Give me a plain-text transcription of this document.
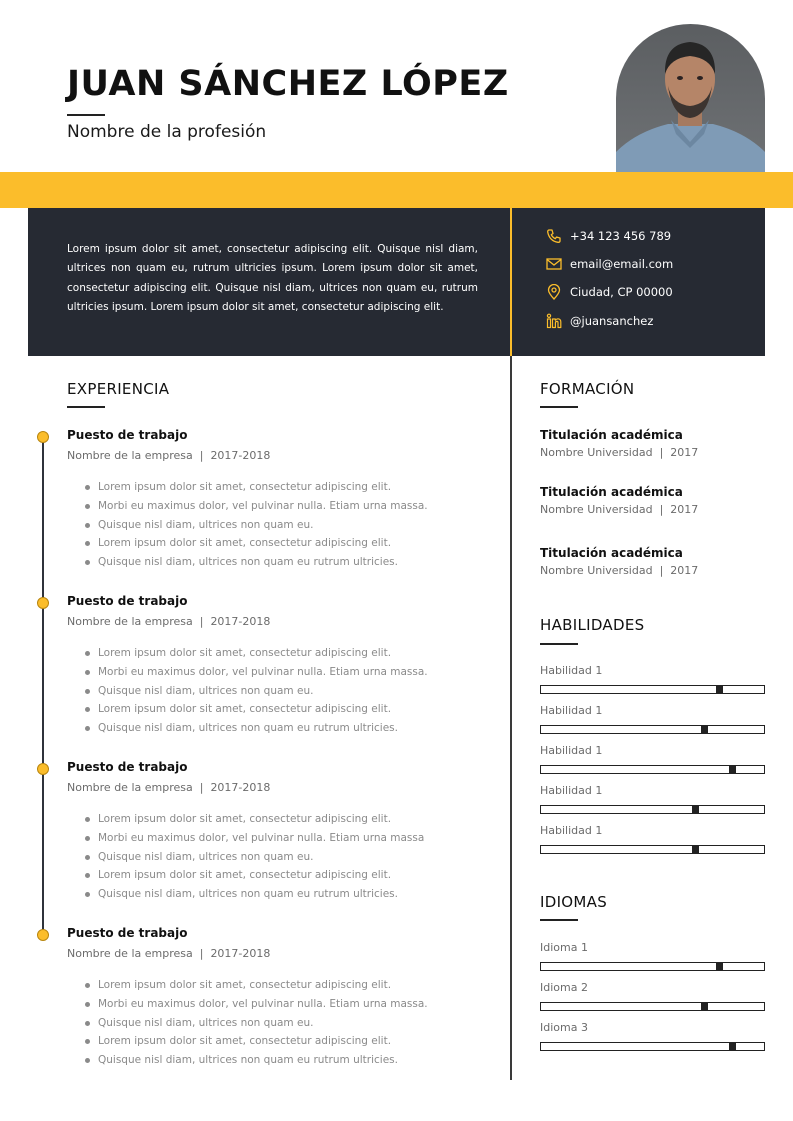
JUAN SÁNCHEZ LÓPEZ
Nombre de la profesión
Lorem ipsum dolor sit amet, consectetur adipiscing elit. Quisque nisl diam, ultrices non quam eu, rutrum ultricies ipsum. Lorem ipsum dolor sit amet, consectetur adipiscing elit. Quisque nisl diam, ultrices non quam eu, rutrum ultricies ipsum. Lorem ipsum dolor sit amet, consectetur adipiscing elit.
+34 123 456 789
email@email.com
Ciudad, CP 00000
@juansanchez
EXPERIENCIA
Puesto de trabajo
Nombre de la empresa  |  2017-2018
Lorem ipsum dolor sit amet, consectetur adipiscing elit.
Morbi eu maximus dolor, vel pulvinar nulla. Etiam urna massa.
Quisque nisl diam, ultrices non quam eu.
Lorem ipsum dolor sit amet, consectetur adipiscing elit.
Quisque nisl diam, ultrices non quam eu rutrum ultricies.
Puesto de trabajo
Nombre de la empresa  |  2017-2018
Lorem ipsum dolor sit amet, consectetur adipiscing elit.
Morbi eu maximus dolor, vel pulvinar nulla. Etiam urna massa.
Quisque nisl diam, ultrices non quam eu.
Lorem ipsum dolor sit amet, consectetur adipiscing elit.
Quisque nisl diam, ultrices non quam eu rutrum ultricies.
Puesto de trabajo
Nombre de la empresa  |  2017-2018
Lorem ipsum dolor sit amet, consectetur adipiscing elit.
Morbi eu maximus dolor, vel pulvinar nulla. Etiam urna massa
Quisque nisl diam, ultrices non quam eu.
Lorem ipsum dolor sit amet, consectetur adipiscing elit.
Quisque nisl diam, ultrices non quam eu rutrum ultricies.
Puesto de trabajo
Nombre de la empresa  |  2017-2018
Lorem ipsum dolor sit amet, consectetur adipiscing elit.
Morbi eu maximus dolor, vel pulvinar nulla. Etiam urna massa.
Quisque nisl diam, ultrices non quam eu.
Lorem ipsum dolor sit amet, consectetur adipiscing elit.
Quisque nisl diam, ultrices non quam eu rutrum ultricies.
FORMACIÓN
Titulación académica
Nombre Universidad  |  2017
Titulación académica
Nombre Universidad  |  2017
Titulación académica
Nombre Universidad  |  2017
HABILIDADES
Habilidad 1
Habilidad 1
Habilidad 1
Habilidad 1
Habilidad 1
IDIOMAS
Idioma 1
Idioma 2
Idioma 3
